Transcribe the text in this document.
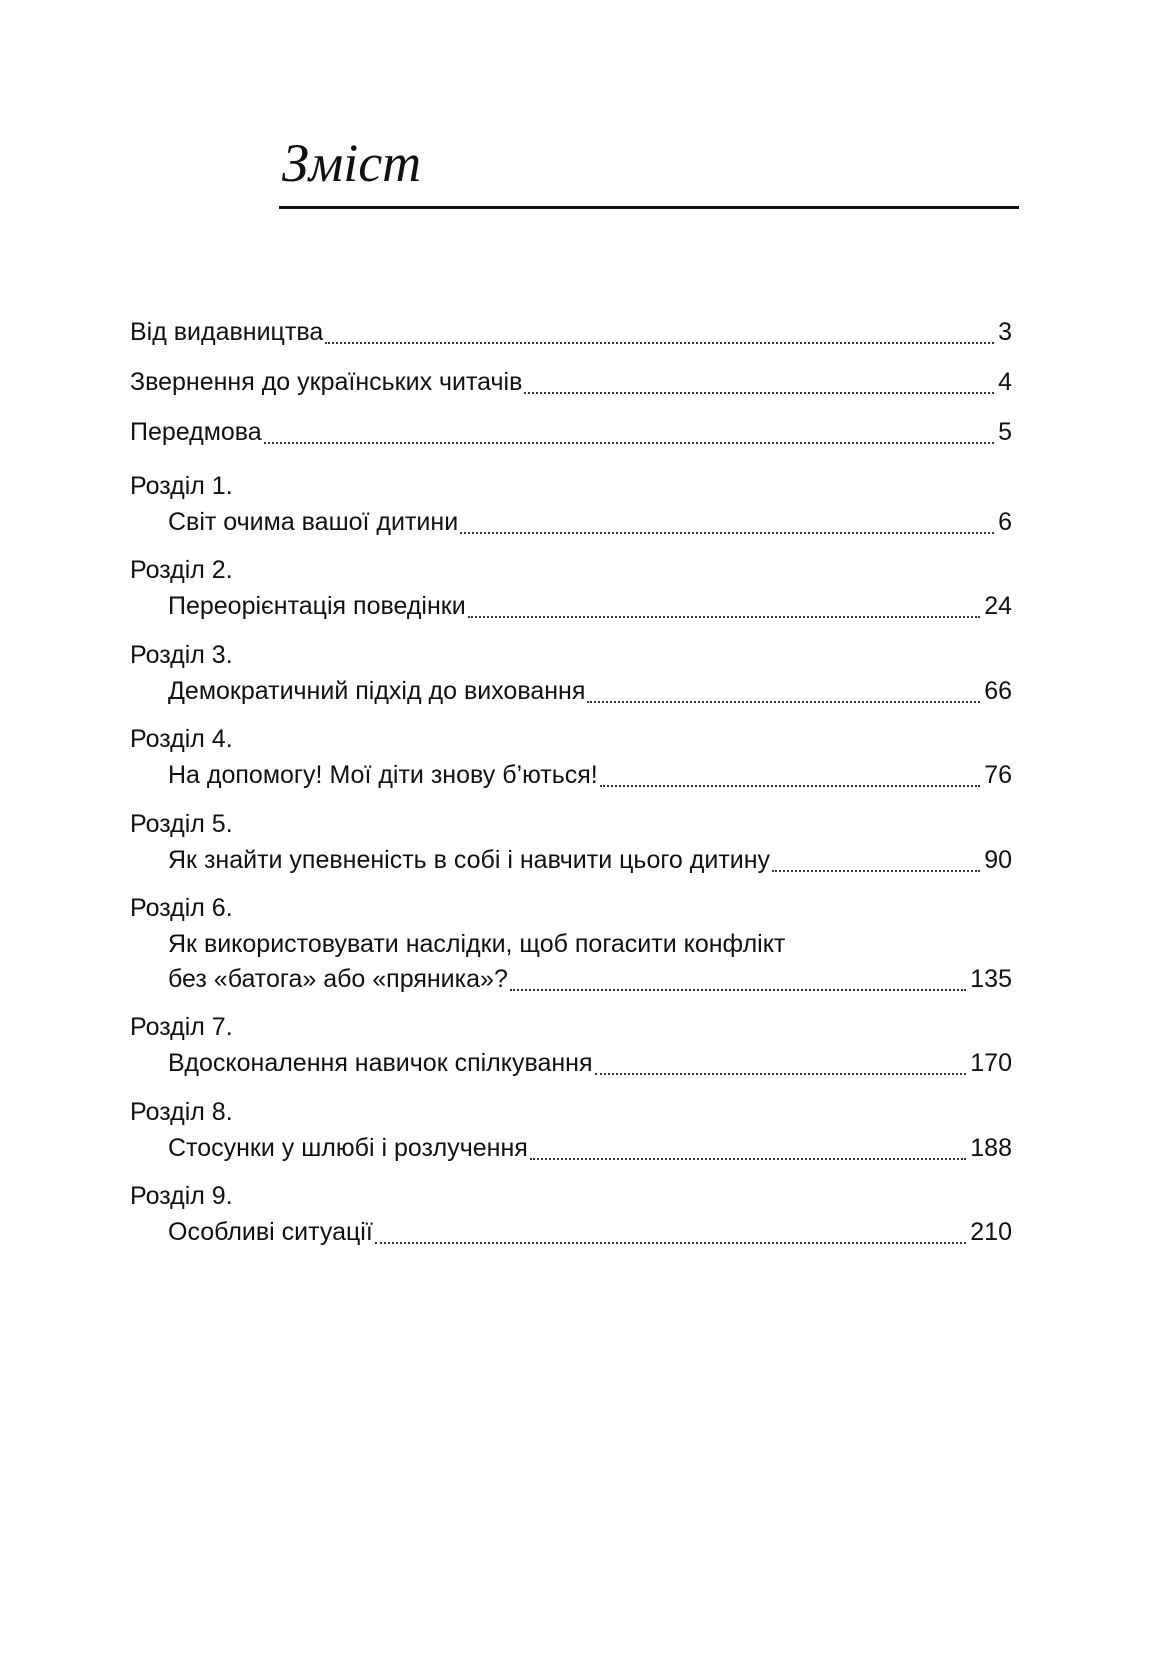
Зміст
Від видавництва	3
Звернення до українських читачів	4
Передмова	5
Розділ 1.
Світ очима вашої дитини	6
Розділ 2.
Переорієнтація поведінки	24
Розділ 3.
Демократичний підхід до виховання	66
Розділ 4.
На допомогу! Мої діти знову б’ються!	76
Розділ 5.
Як знайти упевненість в собі і навчити цього дитину	90
Розділ 6.
Як використовувати наслідки, щоб погасити конфлікт
без «батога» або «пряника»?	135
Розділ 7.
Вдосконалення навичок спілкування	170
Розділ 8.
Стосунки у шлюбі і розлучення	188
Розділ 9.
Особливі ситуації	210
